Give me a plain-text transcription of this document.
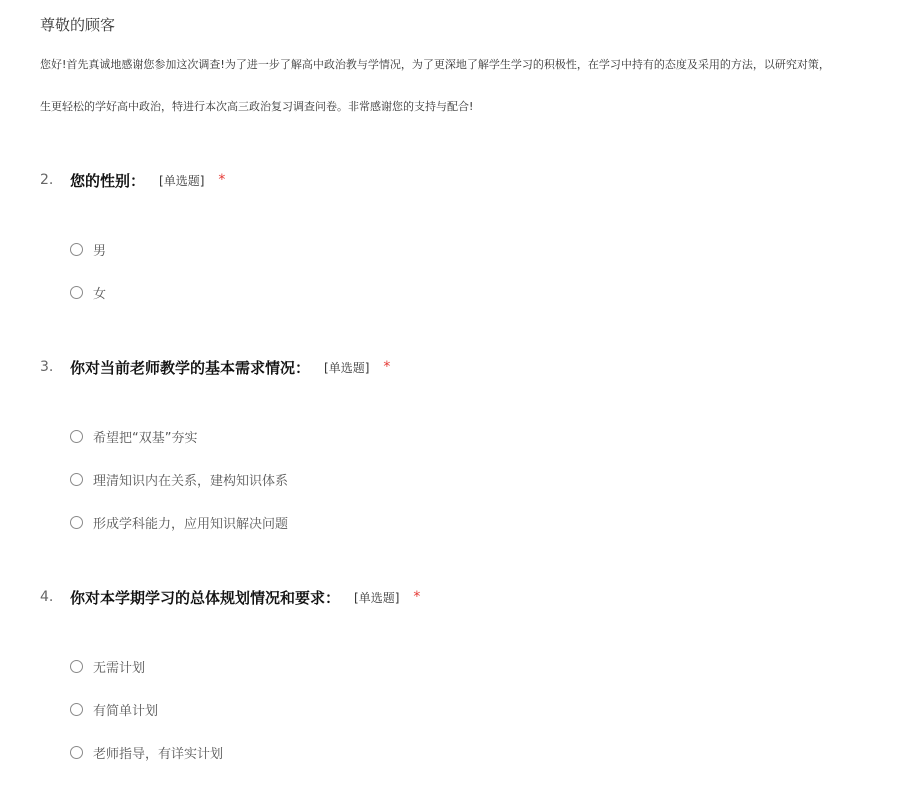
尊敬的顾客
您好!首先真诚地感谢您参加这次调查!为了进一步了解高中政治教与学情况，为了更深地了解学生学习的积极性，在学习中持有的态度及采用的方法，以研究对策，
生更轻松的学好高中政治，特进行本次高三政治复习调查问卷。非常感谢您的支持与配合!
2.	您的性别： [单选题] *
男
女
3.	你对当前老师教学的基本需求情况： [单选题] *
希望把“双基”夯实
理清知识内在关系，建构知识体系
形成学科能力，应用知识解决问题
4.	你对本学期学习的总体规划情况和要求： [单选题] *
无需计划
有简单计划
老师指导，有详实计划
